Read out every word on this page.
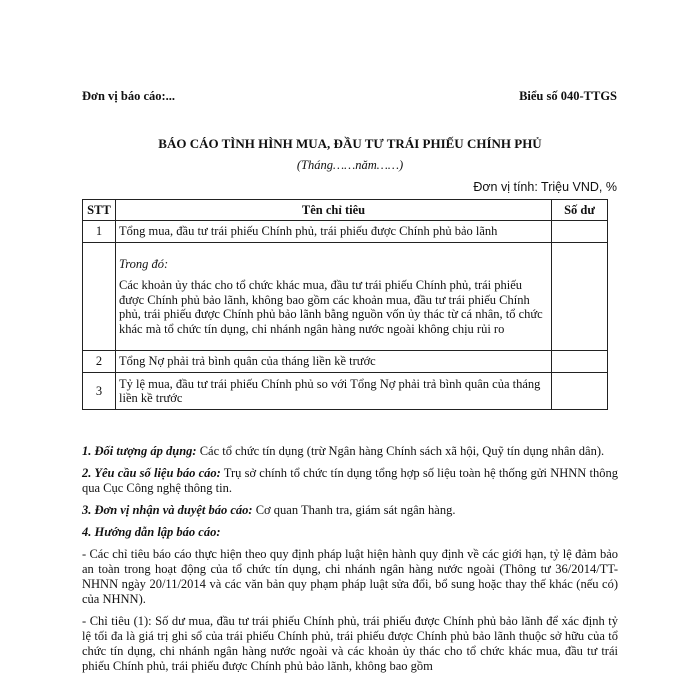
Đơn vị báo cáo:...	Biểu số 040-TTGS
BÁO CÁO TÌNH HÌNH MUA, ĐẦU TƯ TRÁI PHIẾU CHÍNH PHỦ
(Tháng……năm……)
Đơn vị tính: Triệu VND, %
STT	Tên chỉ tiêu	Số dư
1	Tổng mua, đầu tư trái phiếu Chính phủ, trái phiếu được Chính phủ bảo lãnh	

	Trong đó:
Các khoản ủy thác cho tổ chức khác mua, đầu tư trái phiếu Chính phủ, trái phiếu được Chính phủ bảo lãnh, không bao gồm các khoản mua, đầu tư trái phiếu Chính phủ, trái phiếu được Chính phủ bảo lãnh bằng nguồn vốn ủy thác từ cá nhân, tổ chức khác mà tổ chức tín dụng, chi nhánh ngân hàng nước ngoài không chịu rủi ro	

2	Tổng Nợ phải trả bình quân của tháng liền kề trước	
3	Tỷ lệ mua, đầu tư trái phiếu Chính phủ so với Tổng Nợ phải trả bình quân của tháng liền kề trước	

1. Đối tượng áp dụng: Các tổ chức tín dụng (trừ Ngân hàng Chính sách xã hội, Quỹ tín dụng nhân dân).

2. Yêu cầu số liệu báo cáo: Trụ sở chính tổ chức tín dụng tổng hợp số liệu toàn hệ thống gửi NHNN thông qua Cục Công nghệ thông tin.

3. Đơn vị nhận và duyệt báo cáo: Cơ quan Thanh tra, giám sát ngân hàng.

4. Hướng dẫn lập báo cáo:

- Các chỉ tiêu báo cáo thực hiện theo quy định pháp luật hiện hành quy định về các giới hạn, tỷ lệ đảm bảo an toàn trong hoạt động của tổ chức tín dụng, chi nhánh ngân hàng nước ngoài (Thông tư 36/2014/TT-NHNN ngày 20/11/2014 và các văn bản quy phạm pháp luật sửa đổi, bổ sung hoặc thay thế khác (nếu có) của NHNN).

- Chỉ tiêu (1): Số dư mua, đầu tư trái phiếu Chính phủ, trái phiếu được Chính phủ bảo lãnh để xác định tỷ lệ tối đa là giá trị ghi sổ của trái phiếu Chính phủ, trái phiếu được Chính phủ bảo lãnh thuộc sở hữu của tổ chức tín dụng, chi nhánh ngân hàng nước ngoài và các khoản ủy thác cho tổ chức khác mua, đầu tư trái phiếu Chính phủ, trái phiếu được Chính phủ bảo lãnh, không bao gồm
